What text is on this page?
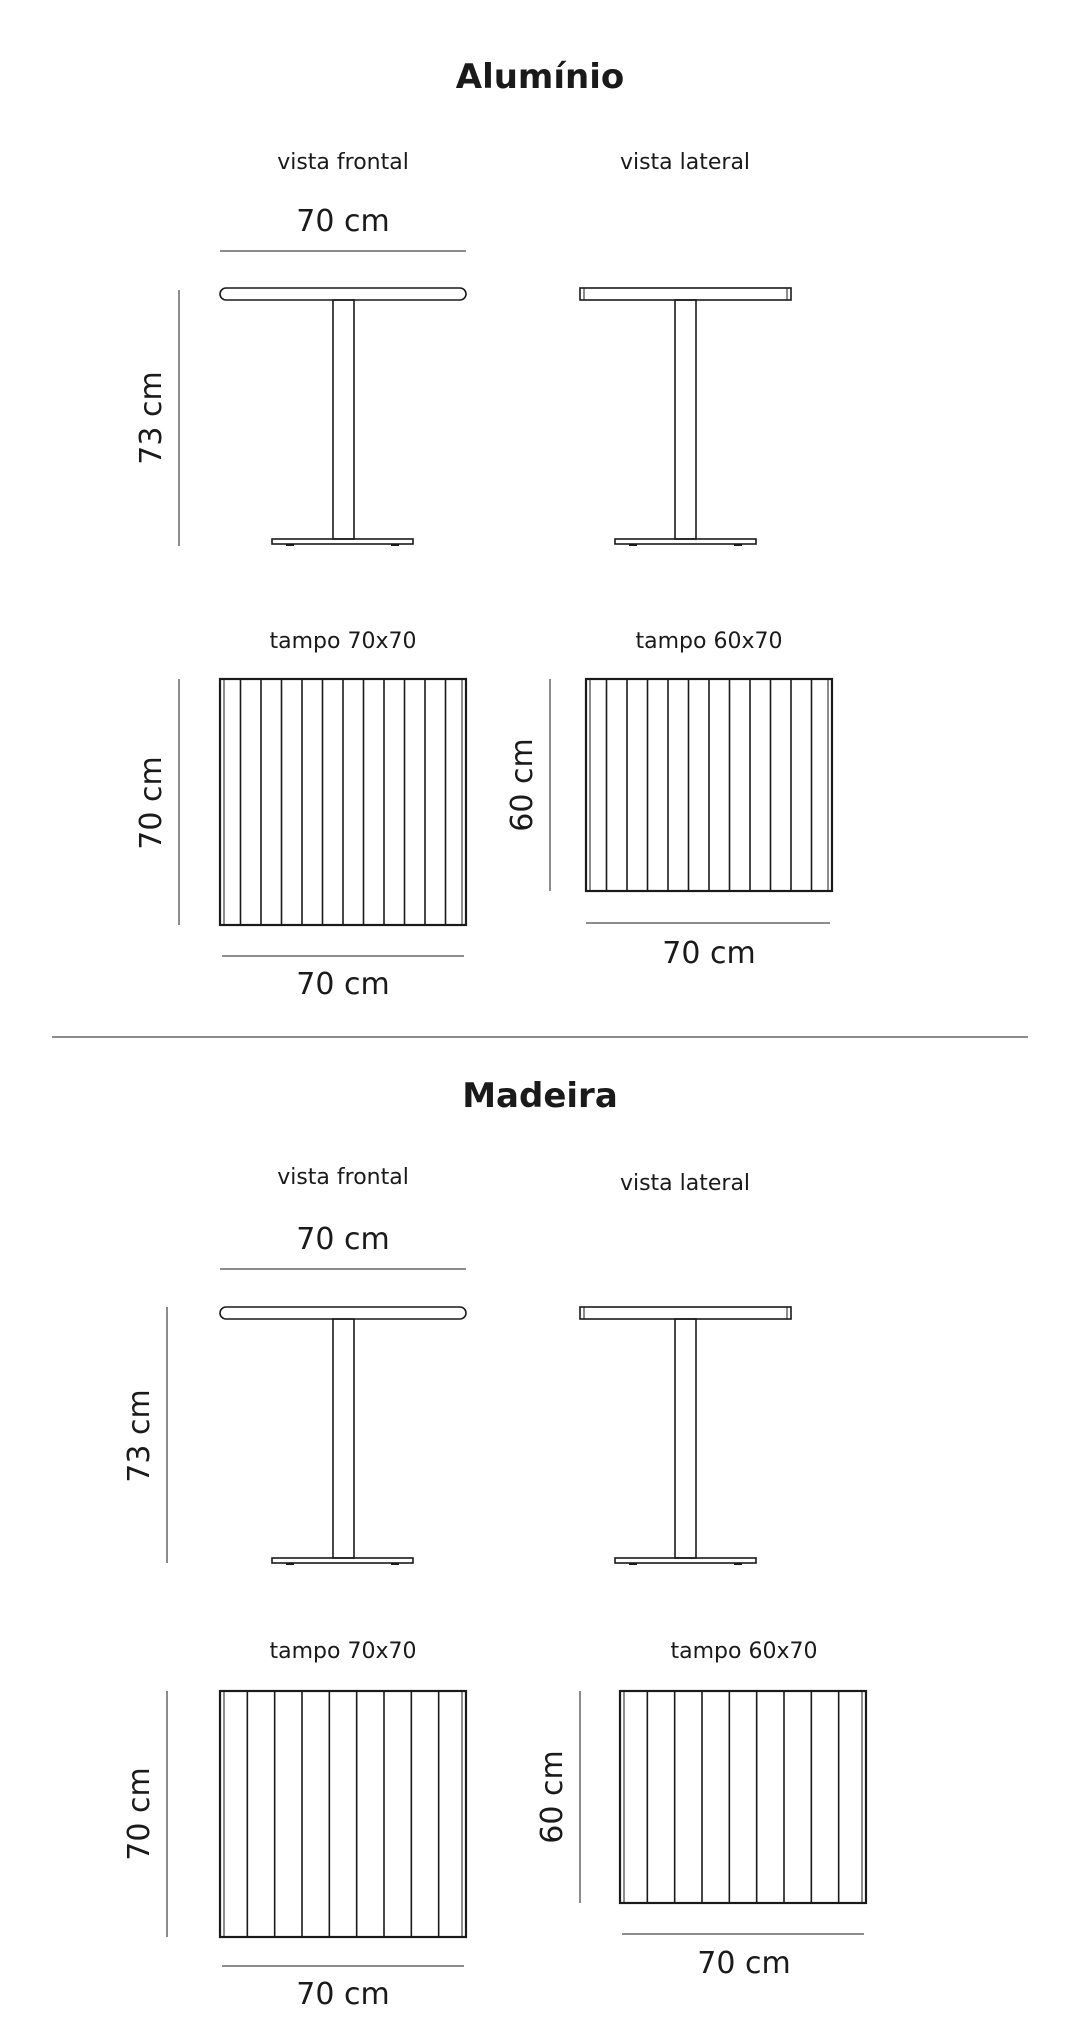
Alumínio
vista frontal
70 cm
73 cm
vista lateral
tampo 70x70
70 cm
70 cm
tampo 60x70
60 cm
70 cm
Madeira
vista frontal
70 cm
73 cm
vista lateral
tampo 70x70
70 cm
70 cm
tampo 60x70
60 cm
70 cm
